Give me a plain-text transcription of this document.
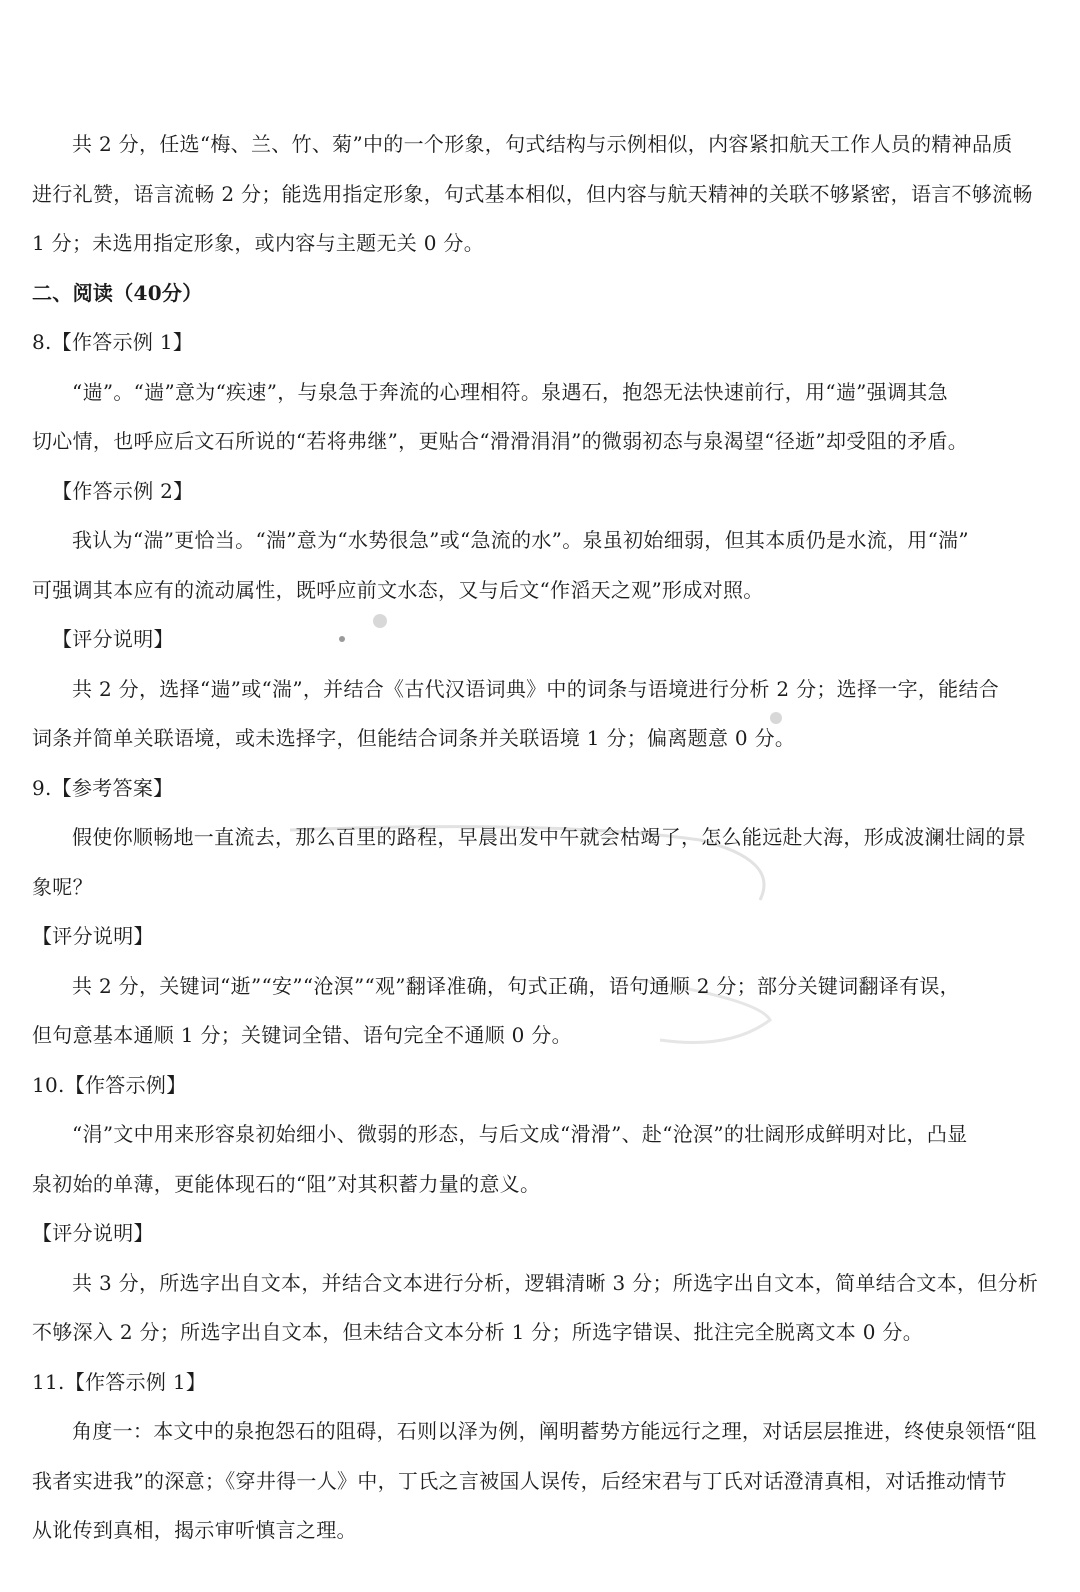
共 2 分，任选“梅、兰、竹、菊”中的一个形象，句式结构与示例相似，内容紧扣航天工作人员的精神品质
进行礼赞，语言流畅 2 分；能选用指定形象，句式基本相似，但内容与航天精神的关联不够紧密，语言不够流畅
1 分；未选用指定形象，或内容与主题无关 0 分。
二、阅读（40分）
8.【作答示例 1】
“遄”。“遄”意为“疾速”，与泉急于奔流的心理相符。泉遇石，抱怨无法快速前行，用“遄”强调其急
切心情，也呼应后文石所说的“若将弗继”，更贴合“滑滑涓涓”的微弱初态与泉渴望“径逝”却受阻的矛盾。
【作答示例 2】
我认为“湍”更恰当。“湍”意为“水势很急”或“急流的水”。泉虽初始细弱，但其本质仍是水流，用“湍”
可强调其本应有的流动属性，既呼应前文水态，又与后文“作滔天之观”形成对照。
【评分说明】
共 2 分，选择“遄”或“湍”，并结合《古代汉语词典》中的词条与语境进行分析 2 分；选择一字，能结合
词条并简单关联语境，或未选择字，但能结合词条并关联语境 1 分；偏离题意 0 分。
9.【参考答案】
假使你顺畅地一直流去，那么百里的路程，早晨出发中午就会枯竭了，怎么能远赴大海，形成波澜壮阔的景
象呢？
【评分说明】
共 2 分，关键词“逝”“安”“沧溟”“观”翻译准确，句式正确，语句通顺 2 分；部分关键词翻译有误，
但句意基本通顺 1 分；关键词全错、语句完全不通顺 0 分。
10.【作答示例】
“涓”文中用来形容泉初始细小、微弱的形态，与后文成“滑滑”、赴“沧溟”的壮阔形成鲜明对比，凸显
泉初始的单薄，更能体现石的“阻”对其积蓄力量的意义。
【评分说明】
共 3 分，所选字出自文本，并结合文本进行分析，逻辑清晰 3 分；所选字出自文本，简单结合文本，但分析
不够深入 2 分；所选字出自文本，但未结合文本分析 1 分；所选字错误、批注完全脱离文本 0 分。
11.【作答示例 1】
角度一：本文中的泉抱怨石的阻碍，石则以泽为例，阐明蓄势方能远行之理，对话层层推进，终使泉领悟“阻
我者实进我”的深意；《穿井得一人》中，丁氏之言被国人误传，后经宋君与丁氏对话澄清真相，对话推动情节
从讹传到真相，揭示审听慎言之理。
